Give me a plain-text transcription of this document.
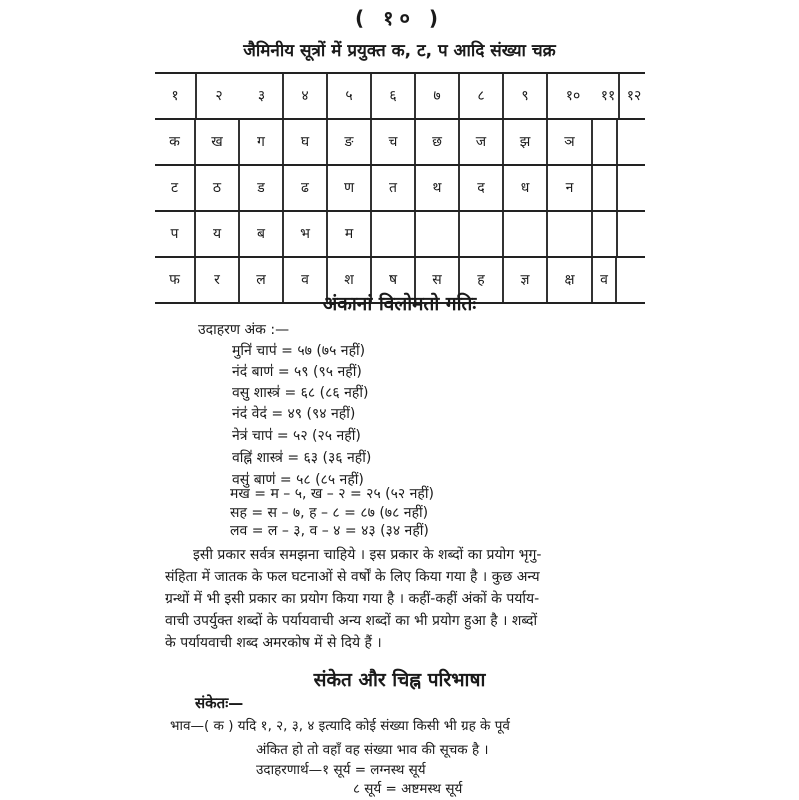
( १० )
जैमिनीय सूत्रों में प्रयुक्त क, ट, प आदि संख्या चक्र
१	२	३	४	५	६	७	८	९	१०	११ १२
क	ख	ग	घ	ङ	च	छ	ज	झ	ञ
ट	ठ	ड	ढ	ण	त	थ	द	ध	न
प	य	ब	भ	म
फ	र	ल	व	श	ष	स	ह	ज्ञ	क्ष	व
अंकानां विलोमतो गतिः
उदाहरण अंक :—
मुनि॑ चाप॑ = ५७ (७५ नहीं)
नंद॑ बाण॑ = ५९ (९५ नहीं)
वसु शास्त्र॑ = ६८ (८६ नहीं)
नंद॑ वेद॑ = ४९ (९४ नहीं)
नेत्र॑ चाप॑ = ५२ (२५ नहीं)
वह्नि॑ शास्त्र॑ = ६३ (३६ नहीं)
वसु॑ बाण॑ = ५८ (८५ नहीं)
मख = म – ५, ख – २ = २५ (५२ नहीं)
सह = स – ७, ह – ८ = ८७ (७८ नहीं)
लव = ल – ३, व – ४ = ४३ (३४ नहीं)
इसी प्रकार सर्वत्र समझना चाहिये । इस प्रकार के शब्दों का प्रयोग भृगु-
संहिता में जातक के फल घटनाओं से वर्षों के लिए किया गया है । कुछ अन्य
ग्रन्थों में भी इसी प्रकार का प्रयोग किया गया है । कहीं-कहीं अंकों के पर्याय-
वाची उपर्युक्त शब्दों के पर्यायवाची अन्य शब्दों का भी प्रयोग हुआ है । शब्दों
के पर्यायवाची शब्द अमरकोष में से दिये हैं ।
संकेत और चिह्न परिभाषा
संकेतः—
भाव—( क ) यदि १, २, ३, ४ इत्यादि कोई संख्या किसी भी ग्रह के पूर्व
अंकित हो तो वहाँ वह संख्या भाव की सूचक है ।
उदाहरणार्थ—१ सूर्य = लग्नस्थ सूर्य
८ सूर्य = अष्टमस्थ सूर्य
